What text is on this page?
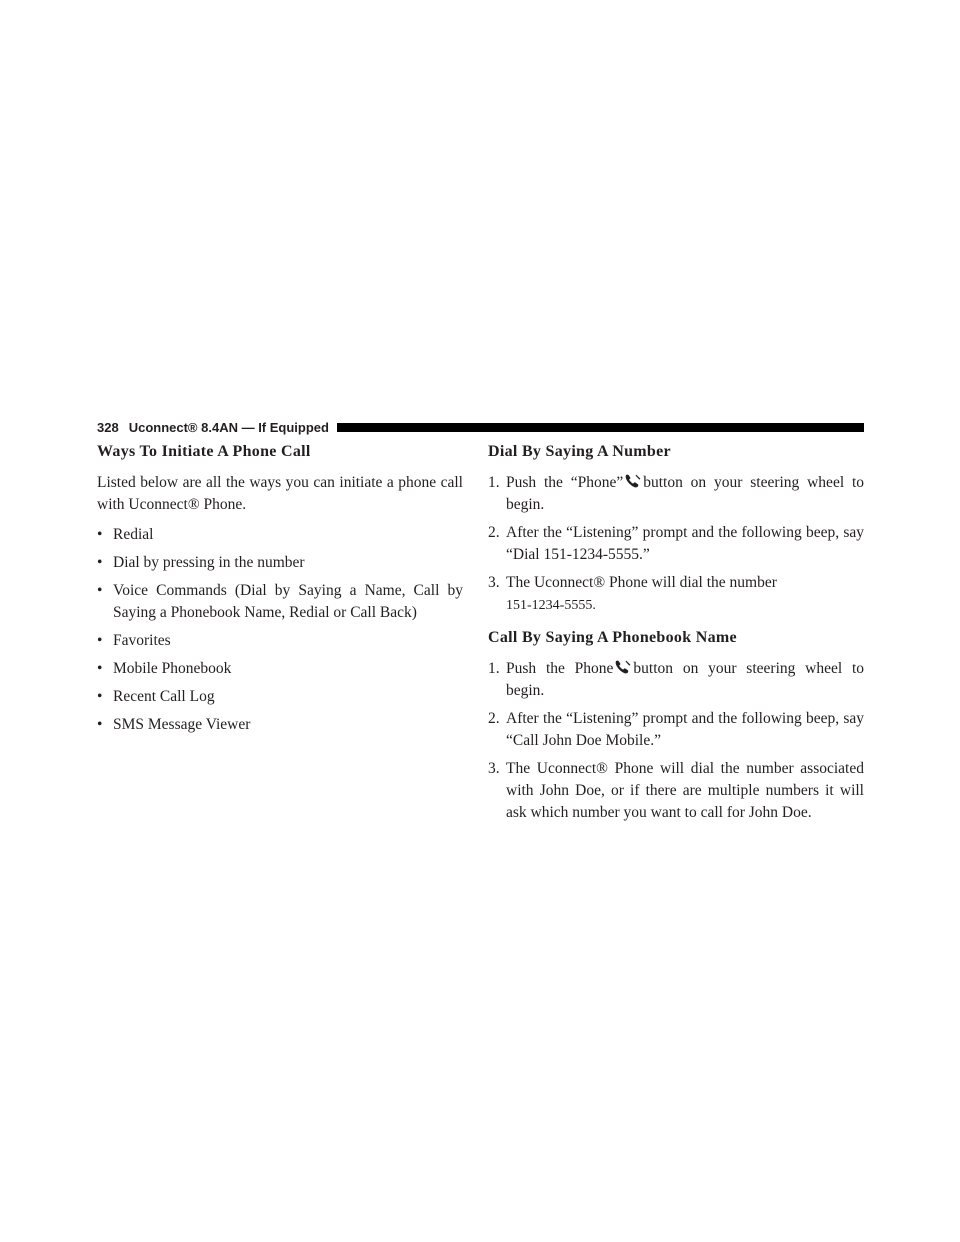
328 Uconnect® 8.4AN — If Equipped
Ways To Initiate A Phone Call

Listed below are all the ways you can initiate a phone call with Uconnect® Phone.

• Redial
• Dial by pressing in the number
• Voice Commands (Dial by Saying a Name, Call by Saying a Phonebook Name, Redial or Call Back)
• Favorites
• Mobile Phonebook
• Recent Call Log
• SMS Message Viewer
Dial By Saying A Number
1. Push the “Phone” button on your steering wheel to begin.
2. After the “Listening” prompt and the following beep, say “Dial 151-1234-5555.”
3. The Uconnect® Phone will dial the number
151-1234-5555.
Call By Saying A Phonebook Name
1. Push the Phone button on your steering wheel to begin.
2. After the “Listening” prompt and the following beep, say “Call John Doe Mobile.”
3. The Uconnect® Phone will dial the number associated with John Doe, or if there are multiple numbers it will ask which number you want to call for John Doe.
